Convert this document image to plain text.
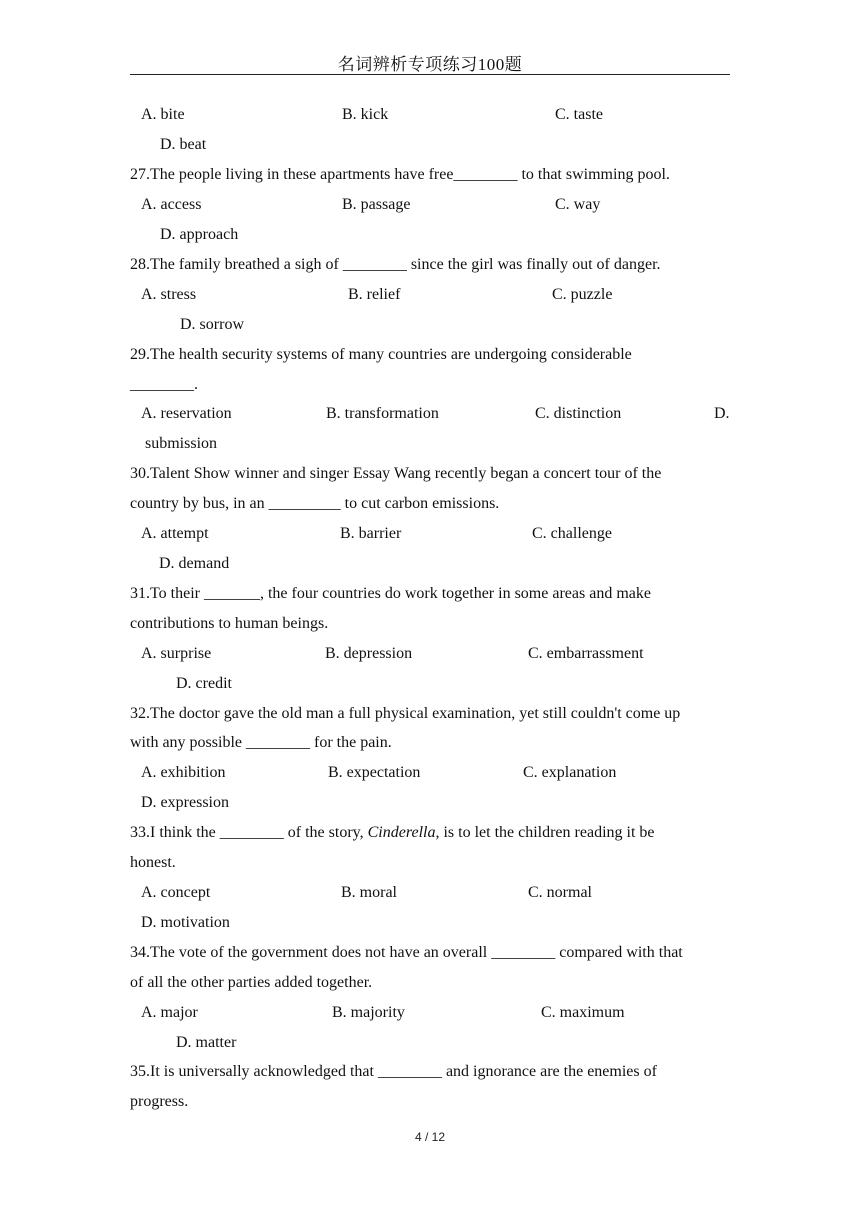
名词辨析专项练习100题
A. bite	B. kick	C. taste
D. beat
27.The people living in these apartments have free________ to that swimming pool.
A. access	B. passage	C. way
D. approach
28.The family breathed a sigh of ________ since the girl was finally out of danger.
A. stress	B. relief	C. puzzle
D. sorrow
29.The health security systems of many countries are undergoing considerable
________.
A. reservation	. B. transformation	. C. distinction	. D.
submission
30.Talent Show winner and singer Essay Wang recently began a concert tour of the
country by bus, in an _________ to cut carbon emissions.
A. attempt	B. barrier	C. challenge
D. demand
31.To their _______, the four countries do work together in some areas and make
contributions to human beings.
A. surprise	B. depression	C. embarrassment
D. credit
32.The doctor gave the old man a full physical examination, yet still couldn't come up
with any possible ________ for the pain.
A. exhibition	B. expectation	C. explanation
D. expression
33.I think the ________ of the story, Cinderella, is to let the children reading it be
honest.
A. concept	B. moral	C. normal
D. motivation
34.The vote of the government does not have an overall ________ compared with that
of all the other parties added together.
A. major	B. majority	C. maximum
D. matter
35.It is universally acknowledged that ________ and ignorance are the enemies of
progress.
4 / 12
